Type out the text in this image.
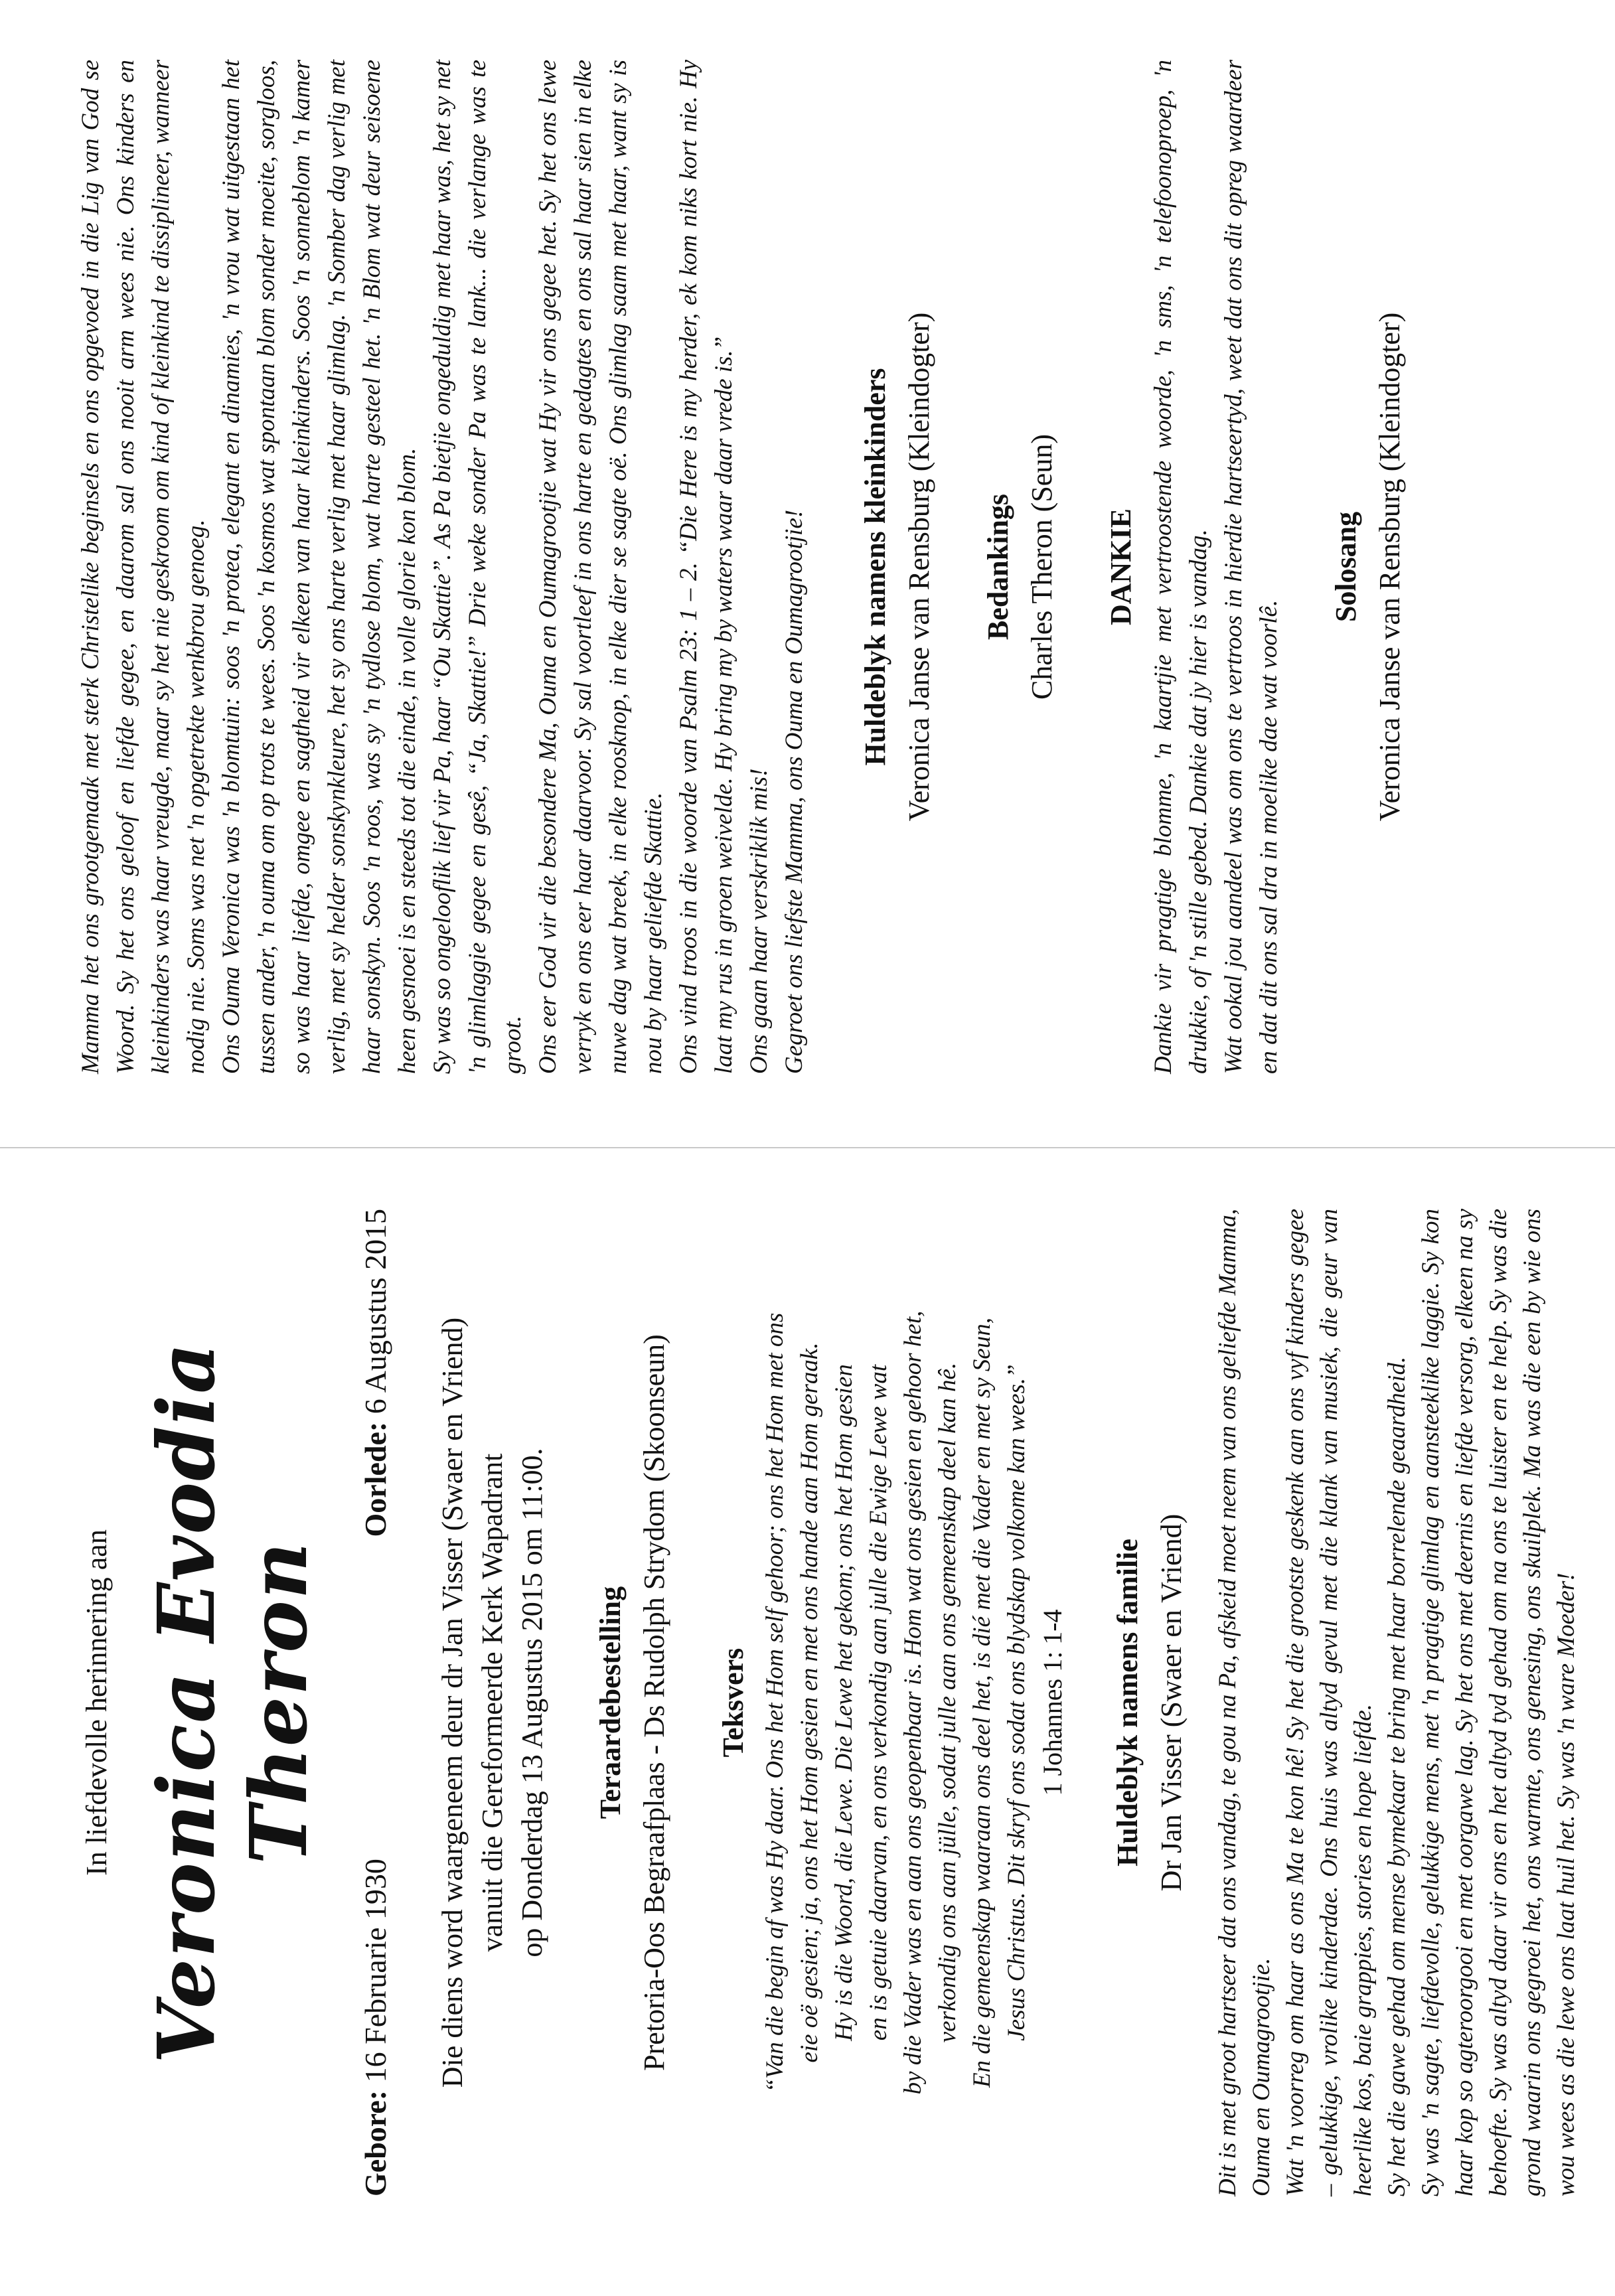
In liefdevolle herinnering aan Veronica Evodia Theron
Gebore: 16 Februarie 1930
Oorlede: 6 Augustus 2015
Die diens word waargeneem deur dr Jan Visser (Swaer en Vriend) vanuit die Gereformeerde Kerk Wapadrant op Donderdag 13 Augustus 2015 om 11:00. Teraardebestelling Pretoria-Oos Begraafplaas - Ds Rudolph Strydom (Skoonseun) Teksvers “Van die begin af was Hy daar. Ons het Hom self gehoor; ons het Hom met ons eie oë gesien; ja, ons het Hom gesien en met ons hande aan Hom geraak. Hy is die Woord, die Lewe. Die Lewe het gekom; ons het Hom gesien en is getuie daarvan, en ons verkondig aan julle die Ewige Lewe wat by die Vader was en aan ons geopenbaar is. Hom wat ons gesien en gehoor het, verkondig ons aan jülle, sodat julle aan ons gemeenskap deel kan hê. En die gemeenskap waaraan ons deel het, is dié met die Vader en met sy Seun, Jesus Christus. Dit skryf ons sodat ons blydskap volkome kan wees.” 1 Johannes 1: 1-4 Huldeblyk namens familie Dr Jan Visser (Swaer en Vriend) Dit is met groot hartseer dat ons vandag, te gou na Pa, afskeid moet neem van ons geliefde Mamma, Ouma en Oumagrootjie. Wat 'n voorreg om haar as ons Ma te kon hê! Sy het die grootste geskenk aan ons vyf kinders gegee – gelukkige, vrolike kinderdae. Ons huis was altyd gevul met die klank van musiek, die geur van heerlike kos, baie grappies, stories en hope liefde. Sy het die gawe gehad om mense bymekaar te bring met haar borrelende geaardheid. Sy was 'n sagte, liefdevolle, gelukkige mens, met 'n pragtige glimlag en aansteeklike laggie. Sy kon haar kop so agteroorgooi en met oorgawe lag. Sy het ons met deernis en liefde versorg, elkeen na sy behoefte. Sy was altyd daar vir ons en het altyd tyd gehad om na ons te luister en te help. Sy was die grond waarin ons gegroei het, ons warmte, ons genesing, ons skuilplek. Ma was die een by wie ons wou wees as die lewe ons laat huil het. Sy was 'n ware Moeder!

Mamma het ons grootgemaak met sterk Christelike beginsels en ons opgevoed in die Lig van God se Woord. Sy het ons geloof en liefde gegee, en daarom sal ons nooit arm wees nie. Ons kinders en kleinkinders was haar vreugde, maar sy het nie geskroom om kind of kleinkind te dissiplineer, wanneer nodig nie. Soms was net 'n opgetrekte wenkbrou genoeg. Ons Ouma Veronica was 'n blomtuin: soos 'n protea, elegant en dinamies, 'n vrou wat uitgestaan het tussen ander, 'n ouma om op trots te wees. Soos 'n kosmos wat spontaan blom sonder moeite, sorgloos, so was haar liefde, omgee en sagtheid vir elkeen van haar kleinkinders. Soos 'n sonneblom 'n kamer verlig, met sy helder sonskynkleure, het sy ons harte verlig met haar glimlag. 'n Somber dag verlig met haar sonskyn. Soos 'n roos, was sy 'n tydlose blom, wat harte gesteel het. 'n Blom wat deur seisoene heen gesnoei is en steeds tot die einde, in volle glorie kon blom. Sy was so ongelooflik lief vir Pa, haar “Ou Skattie”. As Pa bietjie ongeduldig met haar was, het sy net 'n glimlaggie gegee en gesê, “Ja, Skattie!” Drie weke sonder Pa was te lank... die verlange was te groot. Ons eer God vir die besondere Ma, Ouma en Oumagrootjie wat Hy vir ons gegee het. Sy het ons lewe verryk en ons eer haar daarvoor. Sy sal voortleef in ons harte en gedagtes en ons sal haar sien in elke nuwe dag wat breek, in elke roosknop, in elke dier se sagte oë. Ons glimlag saam met haar, want sy is nou by haar geliefde Skattie. Ons vind troos in die woorde van Psalm 23: 1 – 2. “Die Here is my herder, ek kom niks kort nie. Hy laat my rus in groen weivelde. Hy bring my by waters waar daar vrede is.” Ons gaan haar verskriklik mis! Gegroet ons liefste Mamma, ons Ouma en Oumagrootjie! Huldeblyk namens kleinkinders Veronica Janse van Rensburg (Kleindogter) Bedankings Charles Theron (Seun) DANKIE Dankie vir pragtige blomme, 'n kaartjie met vertroostende woorde, 'n sms, 'n telefoonoproep, 'n drukkie, of 'n stille gebed. Dankie dat jy hier is vandag. Wat ookal jou aandeel was om ons te vertroos in hierdie hartseertyd, weet dat ons dit opreg waardeer en dat dit ons sal dra in moelike dae wat voorlê.

Solosang Veronica Janse van Rensburg (Kleindogter)
